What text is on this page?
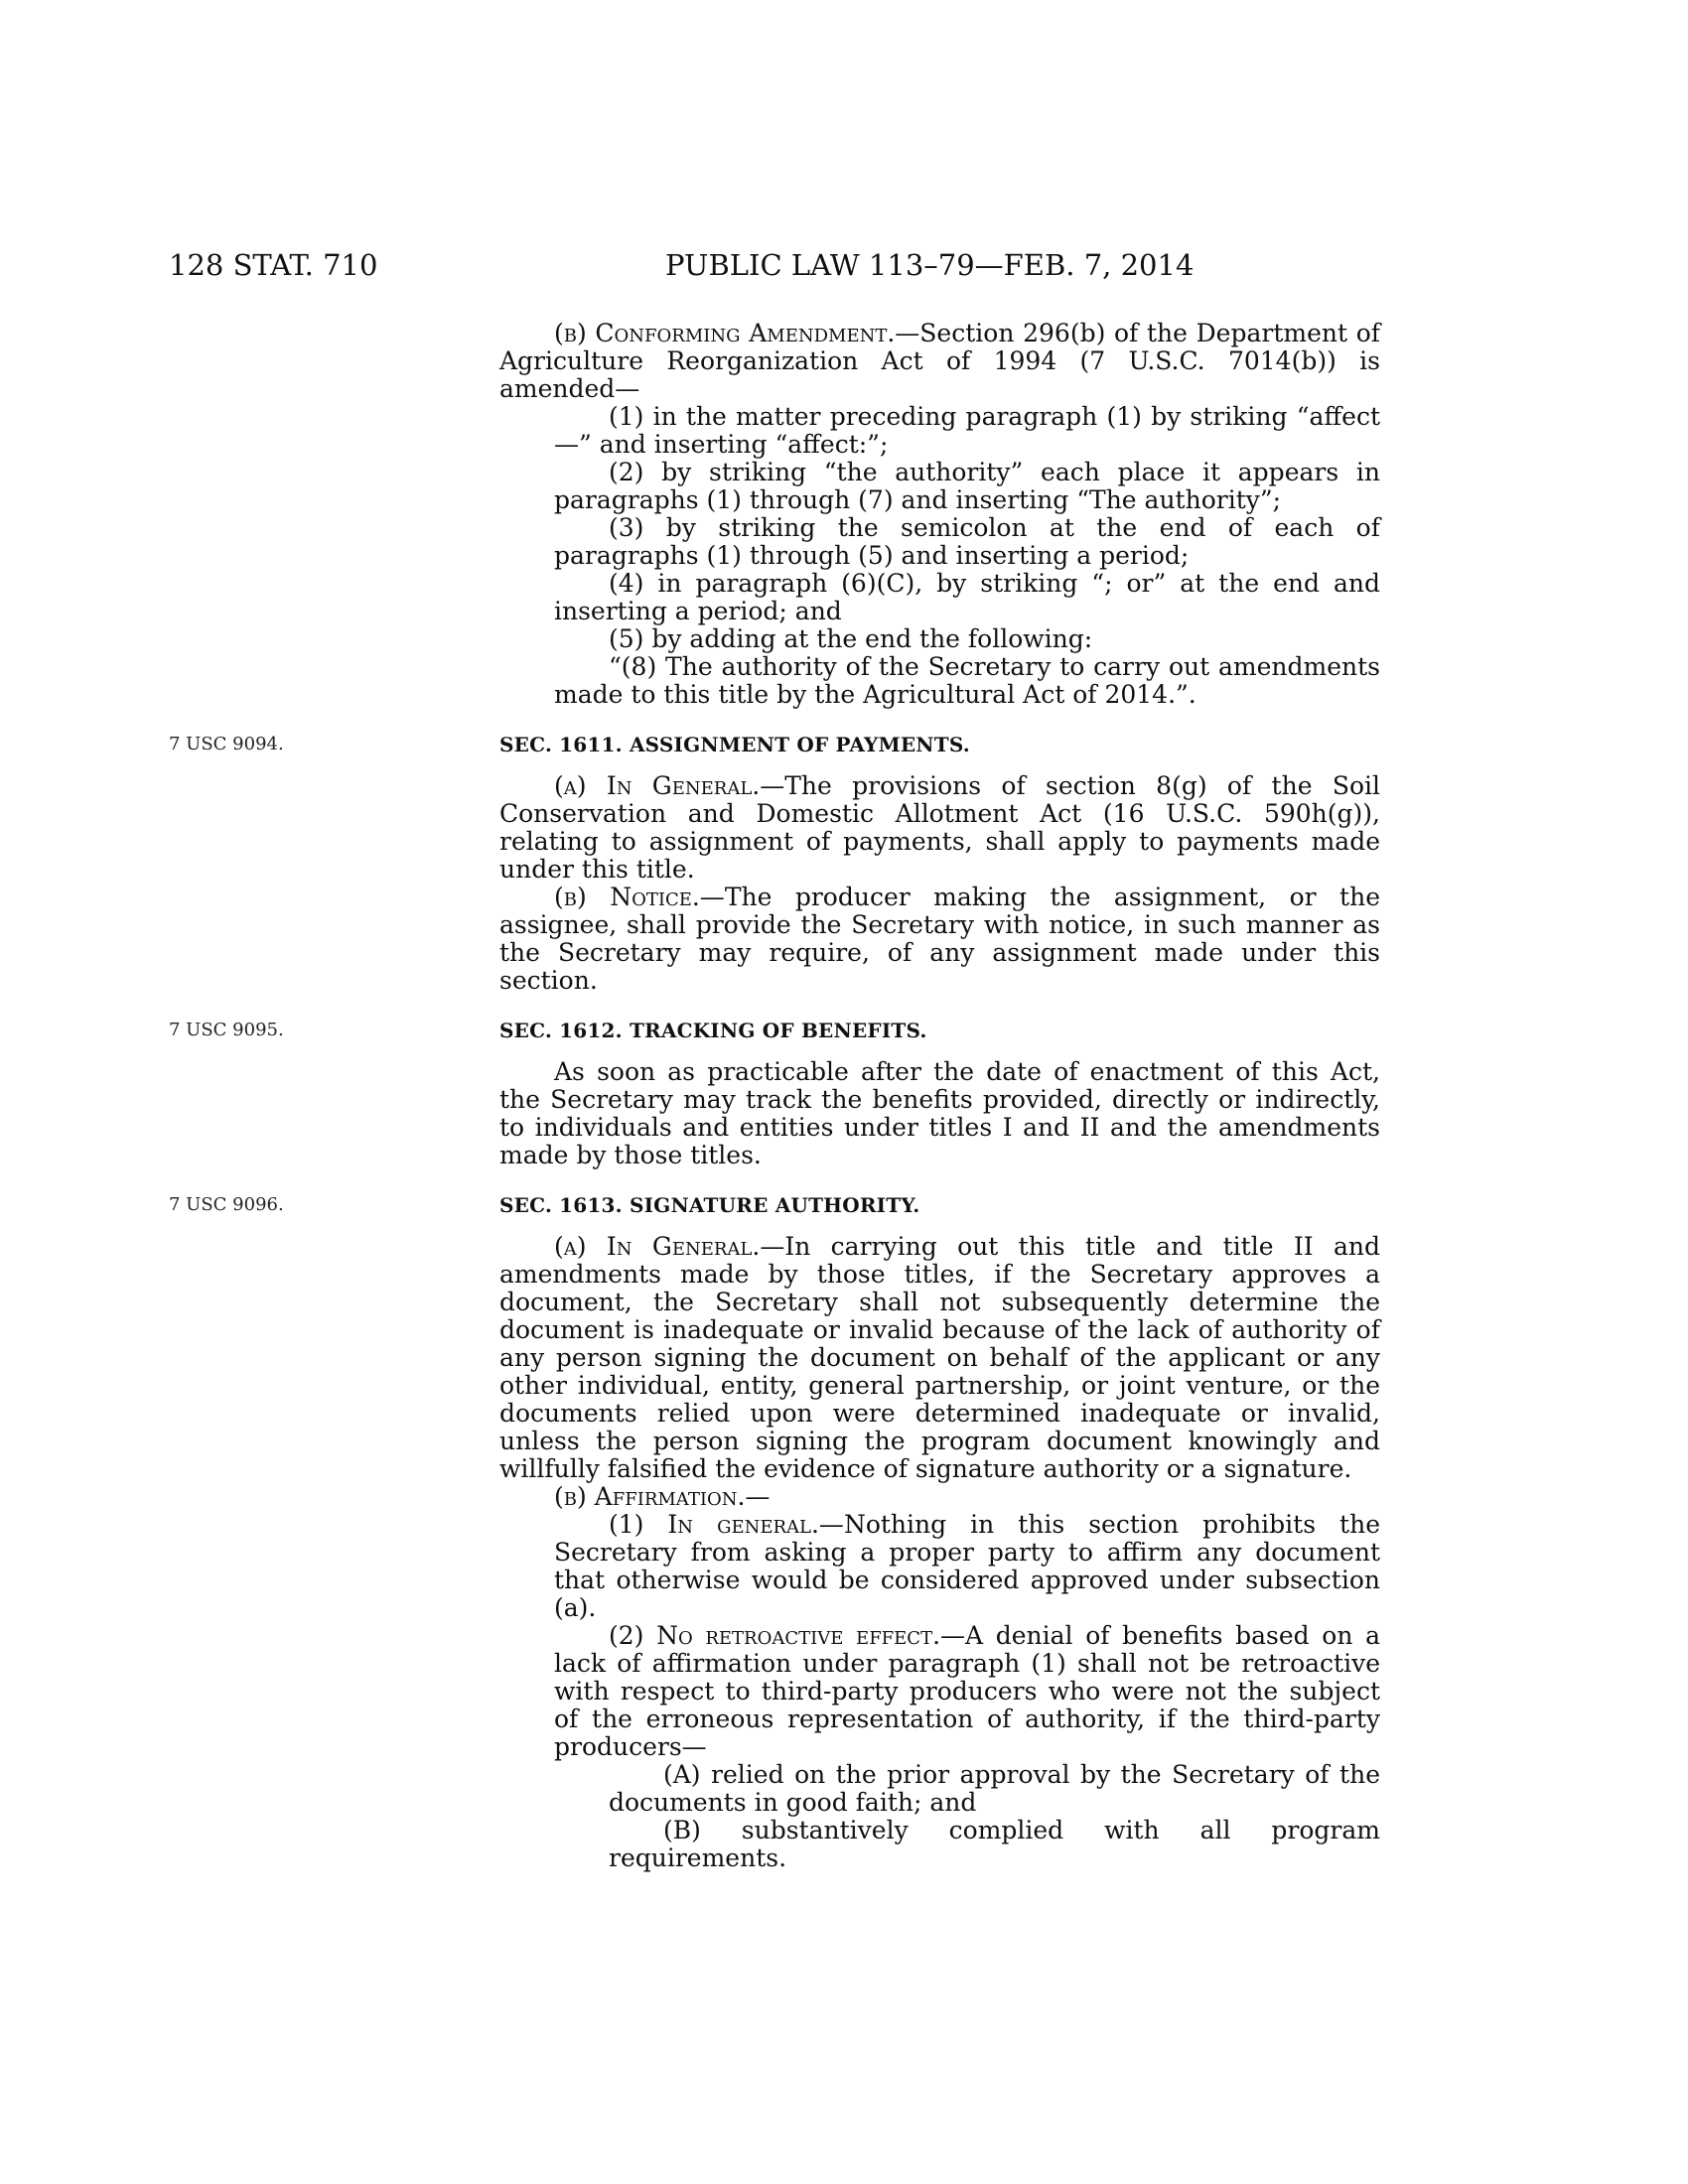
128 STAT. 710	PUBLIC LAW 113–79—FEB. 7, 2014

(b) Conforming Amendment.—Section 296(b) of the Department of Agriculture Reorganization Act of 1994 (7 U.S.C. 7014(b)) is amended—

(1) in the matter preceding paragraph (1) by striking “affect—” and inserting “affect:”;

(2) by striking “the authority” each place it appears in paragraphs (1) through (7) and inserting “The authority”;

(3) by striking the semicolon at the end of each of paragraphs (1) through (5) and inserting a period;

(4) in paragraph (6)(C), by striking “; or” at the end and inserting a period; and

(5) by adding at the end the following:

“(8) The authority of the Secretary to carry out amendments made to this title by the Agricultural Act of 2014.”.

7 USC 9094.	SEC. 1611. ASSIGNMENT OF PAYMENTS.

(a) In General.—The provisions of section 8(g) of the Soil Conservation and Domestic Allotment Act (16 U.S.C. 590h(g)), relating to assignment of payments, shall apply to payments made under this title.

(b) Notice.—The producer making the assignment, or the assignee, shall provide the Secretary with notice, in such manner as the Secretary may require, of any assignment made under this section.

7 USC 9095.	SEC. 1612. TRACKING OF BENEFITS.

As soon as practicable after the date of enactment of this Act, the Secretary may track the benefits provided, directly or indirectly, to individuals and entities under titles I and II and the amendments made by those titles.

7 USC 9096.	SEC. 1613. SIGNATURE AUTHORITY.

(a) In General.—In carrying out this title and title II and amendments made by those titles, if the Secretary approves a document, the Secretary shall not subsequently determine the document is inadequate or invalid because of the lack of authority of any person signing the document on behalf of the applicant or any other individual, entity, general partnership, or joint venture, or the documents relied upon were determined inadequate or invalid, unless the person signing the program document knowingly and willfully falsified the evidence of signature authority or a signature.

(b) Affirmation.—

(1) In general.—Nothing in this section prohibits the Secretary from asking a proper party to affirm any document that otherwise would be considered approved under subsection (a).

(2) No retroactive effect.—A denial of benefits based on a lack of affirmation under paragraph (1) shall not be retroactive with respect to third-party producers who were not the subject of the erroneous representation of authority, if the third-party producers—

(A) relied on the prior approval by the Secretary of the documents in good faith; and

(B) substantively complied with all program requirements.
